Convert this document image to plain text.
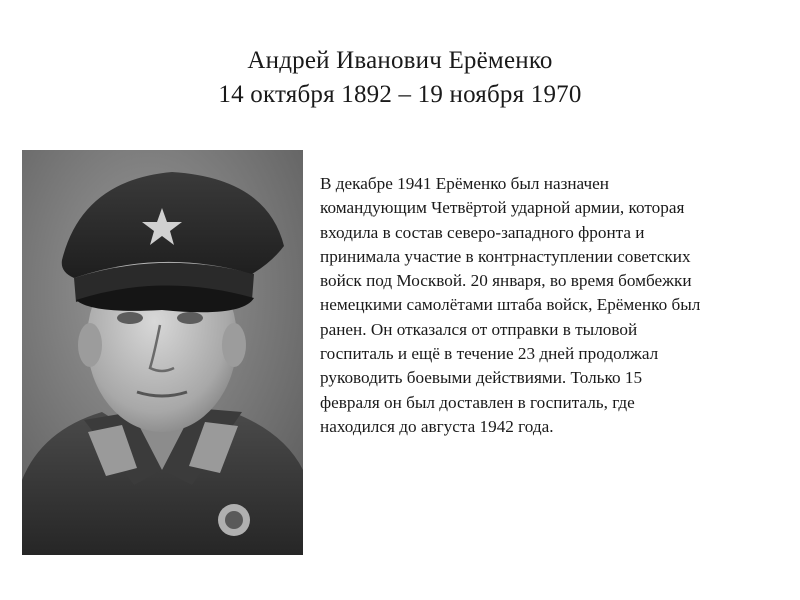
Андрей Иванович Ерёменко
14 октября 1892 – 19 ноября 1970
В декабре 1941 Ерёменко был назначен
командующим Четвёртой ударной армии, которая
входила в состав северо-западного фронта и
принимала участие в контрнаступлении советских
войск под Москвой. 20 января, во время бомбежки
немецкими самолётами штаба войск, Ерёменко был
ранен. Он отказался от отправки в тыловой
госпиталь и ещё в течение 23 дней продолжал
руководить боевыми действиями. Только 15
февраля он был доставлен в госпиталь, где
находился до августа 1942 года.
